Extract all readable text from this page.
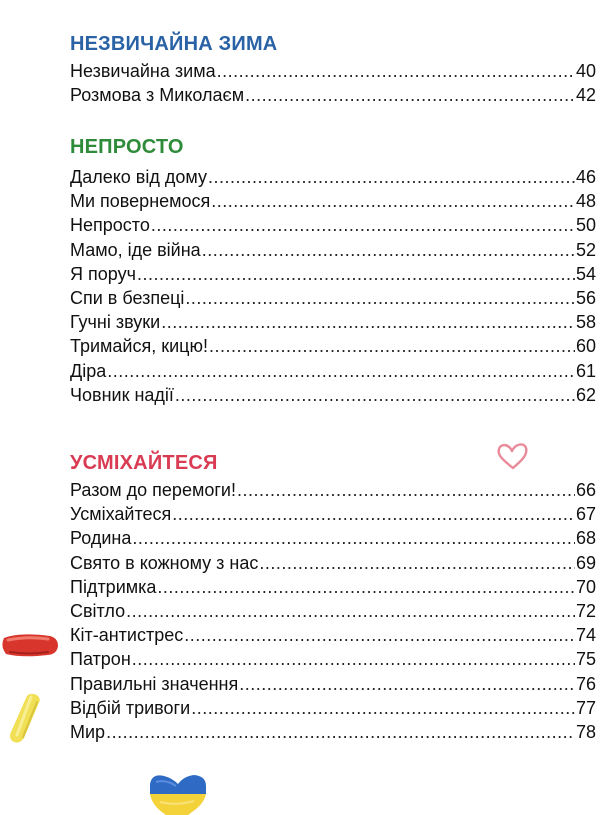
НЕЗВИЧАЙНА ЗИМА
Незвичайна зима .....	40
Розмова з Миколаєм .....	42
НЕПРОСТО
Далеко від дому .....	46
Ми повернемося .....	48
Непросто .....	50
Мамо, іде війна .....	52
Я поруч .....	54
Спи в безпеці .....	56
Гучні звуки .....	58
Тримайся, кицю! .....	60
Діра .....	61
Човник надії .....	62
УСМІХАЙТЕСЯ
Разом до перемоги! .....	66
Усміхайтеся .....	67
Родина .....	68
Свято в кожному з нас .....	69
Підтримка .....	70
Світло .....	72
Кіт-антистрес .....	74
Патрон .....	75
Правильні значення .....	76
Відбій тривоги .....	77
Мир .....	78
